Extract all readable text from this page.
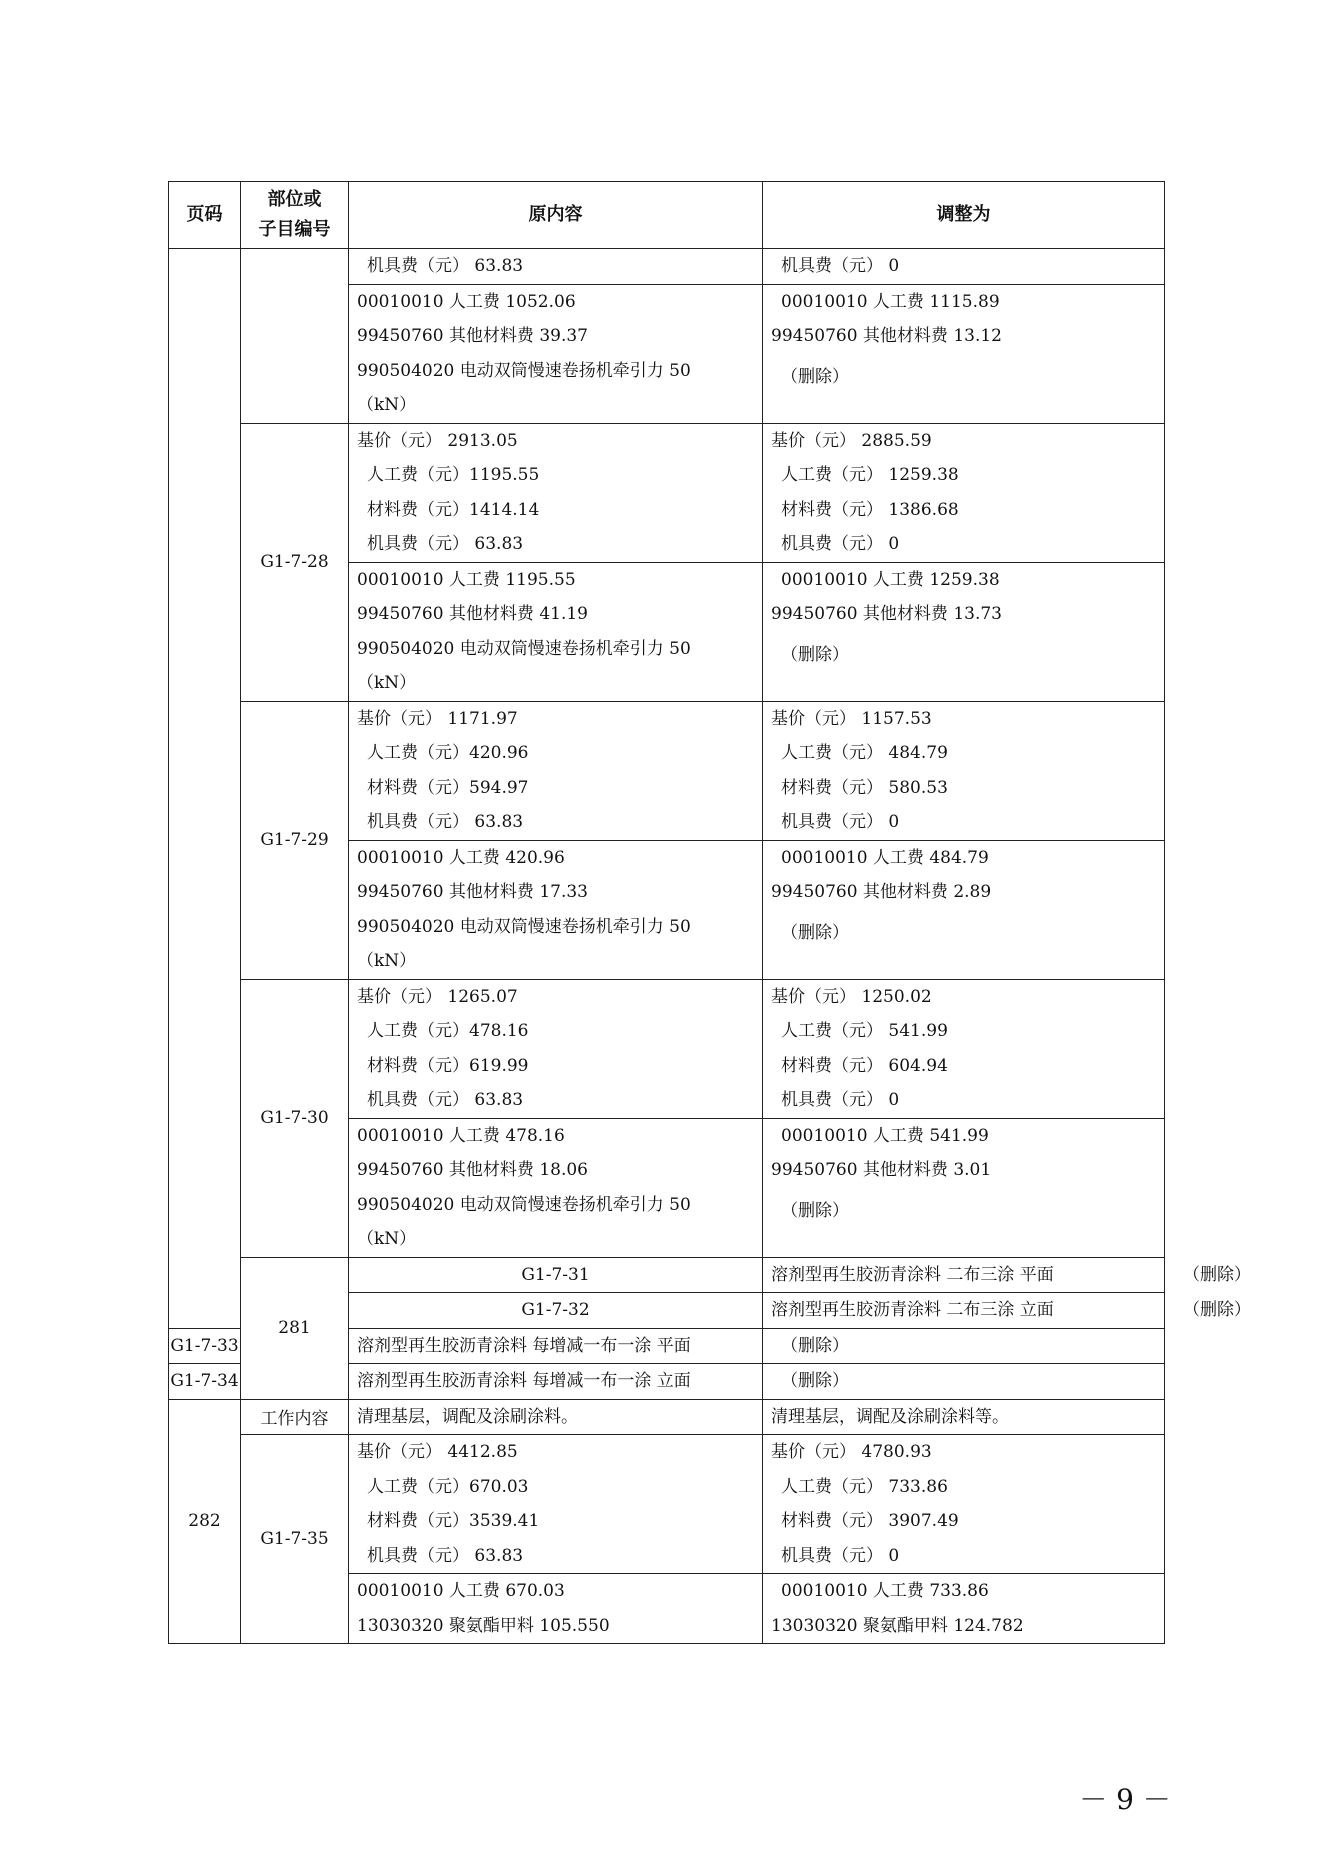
页码	部位或
子目编号	原内容	调整为	

		机具费（元） 63.83	机具费（元） 0	

		00010010 人工费 1052.06
99450760 其他材料费 39.37
990504020 电动双筒慢速卷扬机牵引力 50
（kN）	00010010 人工费 1115.89
99450760 其他材料费 13.12
（删除）	

	G1-7-28	基价（元） 2913.05
人工费（元）1195.55
材料费（元）1414.14
机具费（元） 63.83	基价（元） 2885.59
人工费（元） 1259.38
材料费（元） 1386.68
机具费（元） 0	

		00010010 人工费 1195.55
99450760 其他材料费 41.19
990504020 电动双筒慢速卷扬机牵引力 50
（kN）	00010010 人工费 1259.38
99450760 其他材料费 13.73
（删除）	

	G1-7-29	基价（元） 1171.97
人工费（元）420.96
材料费（元）594.97
机具费（元） 63.83	基价（元） 1157.53
人工费（元） 484.79
材料费（元） 580.53
机具费（元） 0	

		00010010 人工费 420.96
99450760 其他材料费 17.33
990504020 电动双筒慢速卷扬机牵引力 50
（kN）	00010010 人工费 484.79
99450760 其他材料费 2.89
（删除）	

	G1-7-30	基价（元） 1265.07
人工费（元）478.16
材料费（元）619.99
机具费（元） 63.83	基价（元） 1250.02
人工费（元） 541.99
材料费（元） 604.94
机具费（元） 0	

		00010010 人工费 478.16
99450760 其他材料费 18.06
990504020 电动双筒慢速卷扬机牵引力 50
（kN）	00010010 人工费 541.99
99450760 其他材料费 3.01
（删除）	

	281	G1-7-31	溶剂型再生胶沥青涂料 二布三涂 平面	（删除）

		G1-7-32	溶剂型再生胶沥青涂料 二布三涂 立面	（删除）

G1-7-33		溶剂型再生胶沥青涂料 每增减一布一涂 平面	（删除）	

G1-7-34		溶剂型再生胶沥青涂料 每增减一布一涂 立面	（删除）	

282	工作内容	清理基层，调配及涂刷涂料。	清理基层，调配及涂刷涂料等。	

	G1-7-35	基价（元） 4412.85
人工费（元）670.03
材料费（元）3539.41
机具费（元） 63.83	基价（元） 4780.93
人工费（元） 733.86
材料费（元） 3907.49
机具费（元） 0	

		00010010 人工费 670.03
13030320 聚氨酯甲料 105.550	00010010 人工费 733.86
13030320 聚氨酯甲料 124.782	
－ 9 －
